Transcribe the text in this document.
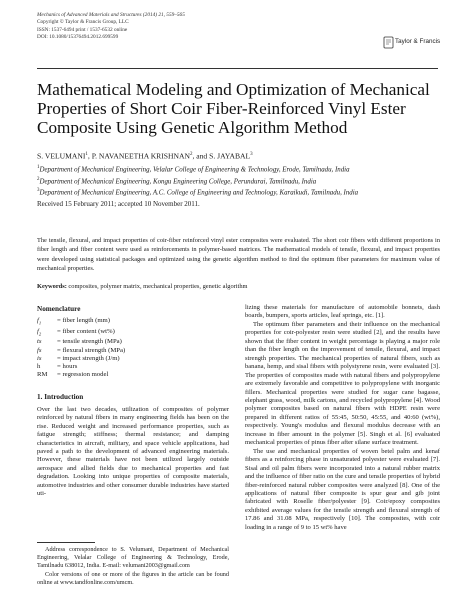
Mechanics of Advanced Materials and Structures (2014) 21, 559–565
Copyright © Taylor & Francis Group, LLC
ISSN: 1537-6494 print / 1537-6532 online
DOI: 10.1080/15376494.2012.699599
Taylor & Francis
Mathematical Modeling and Optimization of Mechanical
Properties of Short Coir Fiber-Reinforced Vinyl Ester
Composite Using Genetic Algorithm Method
S. VELUMANI$^1$, P. NAVANEETHA KRISHNAN$^2$, and S. JAYABAL$^3$
$^1$Department of Mechanical Engineering, Velalar College of Engineering & Technology, Erode, Tamilnadu, India
$^2$Department of Mechanical Engineering, Kongu Engineering College, Perundurai, Tamilnadu, India
$^3$Department of Mechanical Engineering, A.C. College of Engineering and Technology, Karaikudi, Tamilnadu, India
Received 15 February 2011; accepted 10 November 2011.

The tensile, flexural, and impact properties of coir-fiber reinforced vinyl ester composites were evaluated. The short coir fibers with different proportions in fiber length and fiber content were used as reinforcements in polymer-based matrices. The mathematical models of tensile, flexural, and impact properties were developed using statistical packages and optimized using the genetic algorithm method to find the optimum fiber parameters for maximum value of mechanical properties.

Keywords: composites, polymer matrix, mechanical properties, genetic algorithm
Nomenclature
$f_1$	= fiber length (mm)
$f_2$	= fiber content (wt%)
ts	= tensile strength (MPa)
fs	= flexural strength (MPa)
is	= impact strength (J/m)
h	= hours
RM	= regression model
1. Introduction

Over the last two decades, utilization of composites of polymer reinforced by natural fibers in many engineering fields has been on the rise. Reduced weight and increased performance properties, such as fatigue strength; stiffness; thermal resistance; and damping characteristics in aircraft, military, and space vehicle applications, had paved a path to the development of advanced engineering materials. However, these materials have not been utilized largely outside aerospace and allied fields due to mechanical properties and fast degradation. Looking into unique properties of composite materials, automotive industries and other consumer durable industries have started uti-

lizing these materials for manufacture of automobile bonnets, dash boards, bumpers, sports articles, leaf springs, etc. [1].

The optimum fiber parameters and their influence on the mechanical properties for coir-polyester resin were studied [2], and the results have shown that the fiber content in weight percentage is playing a major role than the fiber length on the improvement of tensile, flexural, and impact strength properties. The mechanical properties of natural fibers, such as banana, hemp, and sisal fibers with polystyrene resin, were evaluated [3]. The properties of composites made with natural fibers and polypropylene are extremely favorable and competitive to polypropylene with inorganic fillers. Mechanical properties were studied for sugar cane bagasse, elephant grass, wood, milk cartons, and recycled polypropylene [4]. Wood polymer composites based on natural fibers with HDPE resin were prepared in different ratios of 55:45, 50:50, 45:55, and 40:60 (wt%), respectively. Young's modulus and flexural modulus decrease with an increase in fiber amount in the polymer [5]. Singh et al. [6] evaluated mechanical properties of pinus fiber after silane surface treatment.

The use and mechanical properties of woven betel palm and kenaf fibers as a reinforcing phase in unsaturated polyester were evaluated [7]. Sisal and oil palm fibers were incorporated into a natural rubber matrix and the influence of fiber ratio on the cure and tensile properties of hybrid fiber-reinforced natural rubber composites were analyzed [8]. One of the applications of natural fiber composite is spur gear and gib joint fabricated with Roselle fiber/polyester [9]. Coir/epoxy composites exhibited average values for the tensile strength and flexural strength of 17.86 and 31.08 MPa, respectively [10]. The composites, with coir loading in a range of 9 to 15 wt% have

Address correspondence to S. Velumani, Department of Mechanical Engineering, Velalar College of Engineering & Technology, Erode, Tamilnadu 638012, India. E-mail: velumani2003@gmail.com

Color versions of one or more of the figures in the article can be found online at www.tandfonline.com/umcm.
